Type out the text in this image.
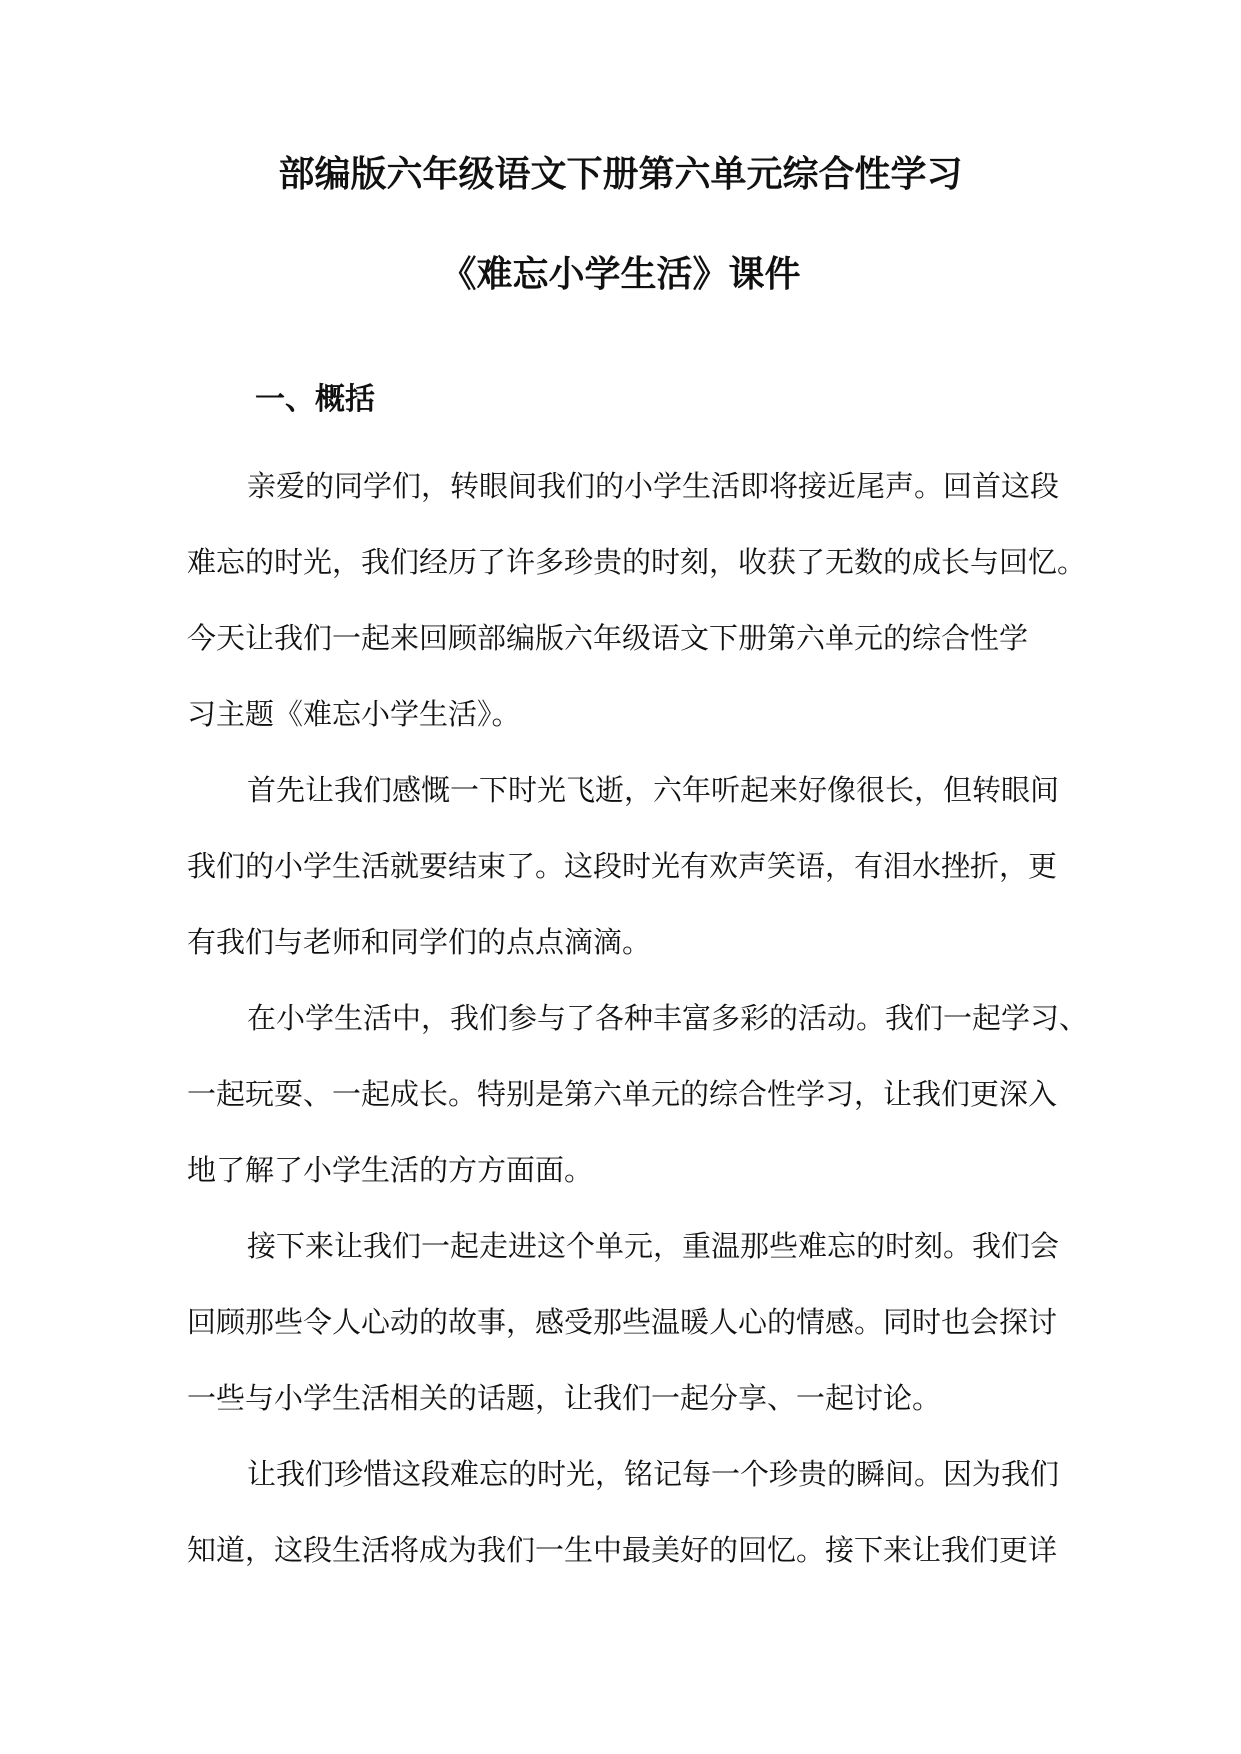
部编版六年级语文下册第六单元综合性学习
《难忘小学生活》课件
一、概括
亲爱的同学们，转眼间我们的小学生活即将接近尾声。回首这段
难忘的时光，我们经历了许多珍贵的时刻，收获了无数的成长与回忆。
今天让我们一起来回顾部编版六年级语文下册第六单元的综合性学
习主题《难忘小学生活》。
首先让我们感慨一下时光飞逝，六年听起来好像很长，但转眼间
我们的小学生活就要结束了。这段时光有欢声笑语，有泪水挫折，更
有我们与老师和同学们的点点滴滴。
在小学生活中，我们参与了各种丰富多彩的活动。我们一起学习、
一起玩耍、一起成长。特别是第六单元的综合性学习，让我们更深入
地了解了小学生活的方方面面。
接下来让我们一起走进这个单元，重温那些难忘的时刻。我们会
回顾那些令人心动的故事，感受那些温暖人心的情感。同时也会探讨
一些与小学生活相关的话题，让我们一起分享、一起讨论。
让我们珍惜这段难忘的时光，铭记每一个珍贵的瞬间。因为我们
知道，这段生活将成为我们一生中最美好的回忆。接下来让我们更详
